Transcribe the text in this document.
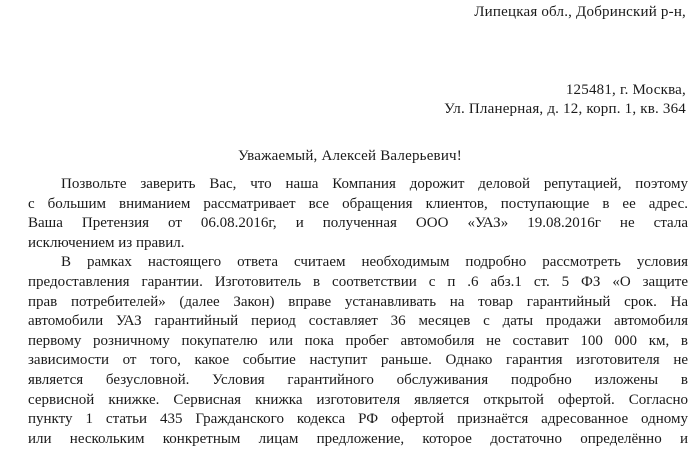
Липецкая обл., Добринский р-н,
125481, г. Москва,
Ул. Планерная, д. 12, корп. 1, кв. 364
Уважаемый, Алексей Валерьевич!
Позвольте заверить Вас, что наша Компания дорожит деловой репутацией, поэтому
с большим вниманием рассматривает все обращения клиентов, поступающие в ее адрес.
Ваша Претензия от 06.08.2016г, и полученная ООО «УАЗ» 19.08.2016г не стала
исключением из правил.
В рамках настоящего ответа считаем необходимым подробно рассмотреть условия
предоставления гарантии. Изготовитель в соответствии с п .6 абз.1 ст. 5 ФЗ «О защите
прав потребителей» (далее Закон) вправе устанавливать на товар гарантийный срок. На
автомобили УАЗ гарантийный период составляет 36 месяцев с даты продажи автомобиля
первому розничному покупателю или пока пробег автомобиля не составит 100 000 км, в
зависимости от того, какое событие наступит раньше. Однако гарантия изготовителя не
является безусловной. Условия гарантийного обслуживания подробно изложены в
сервисной книжке. Сервисная книжка изготовителя является открытой офертой. Согласно
пункту 1 статьи 435 Гражданского кодекса РФ офертой признаётся адресованное одному
или нескольким конкретным лицам предложение, которое достаточно определённо и
